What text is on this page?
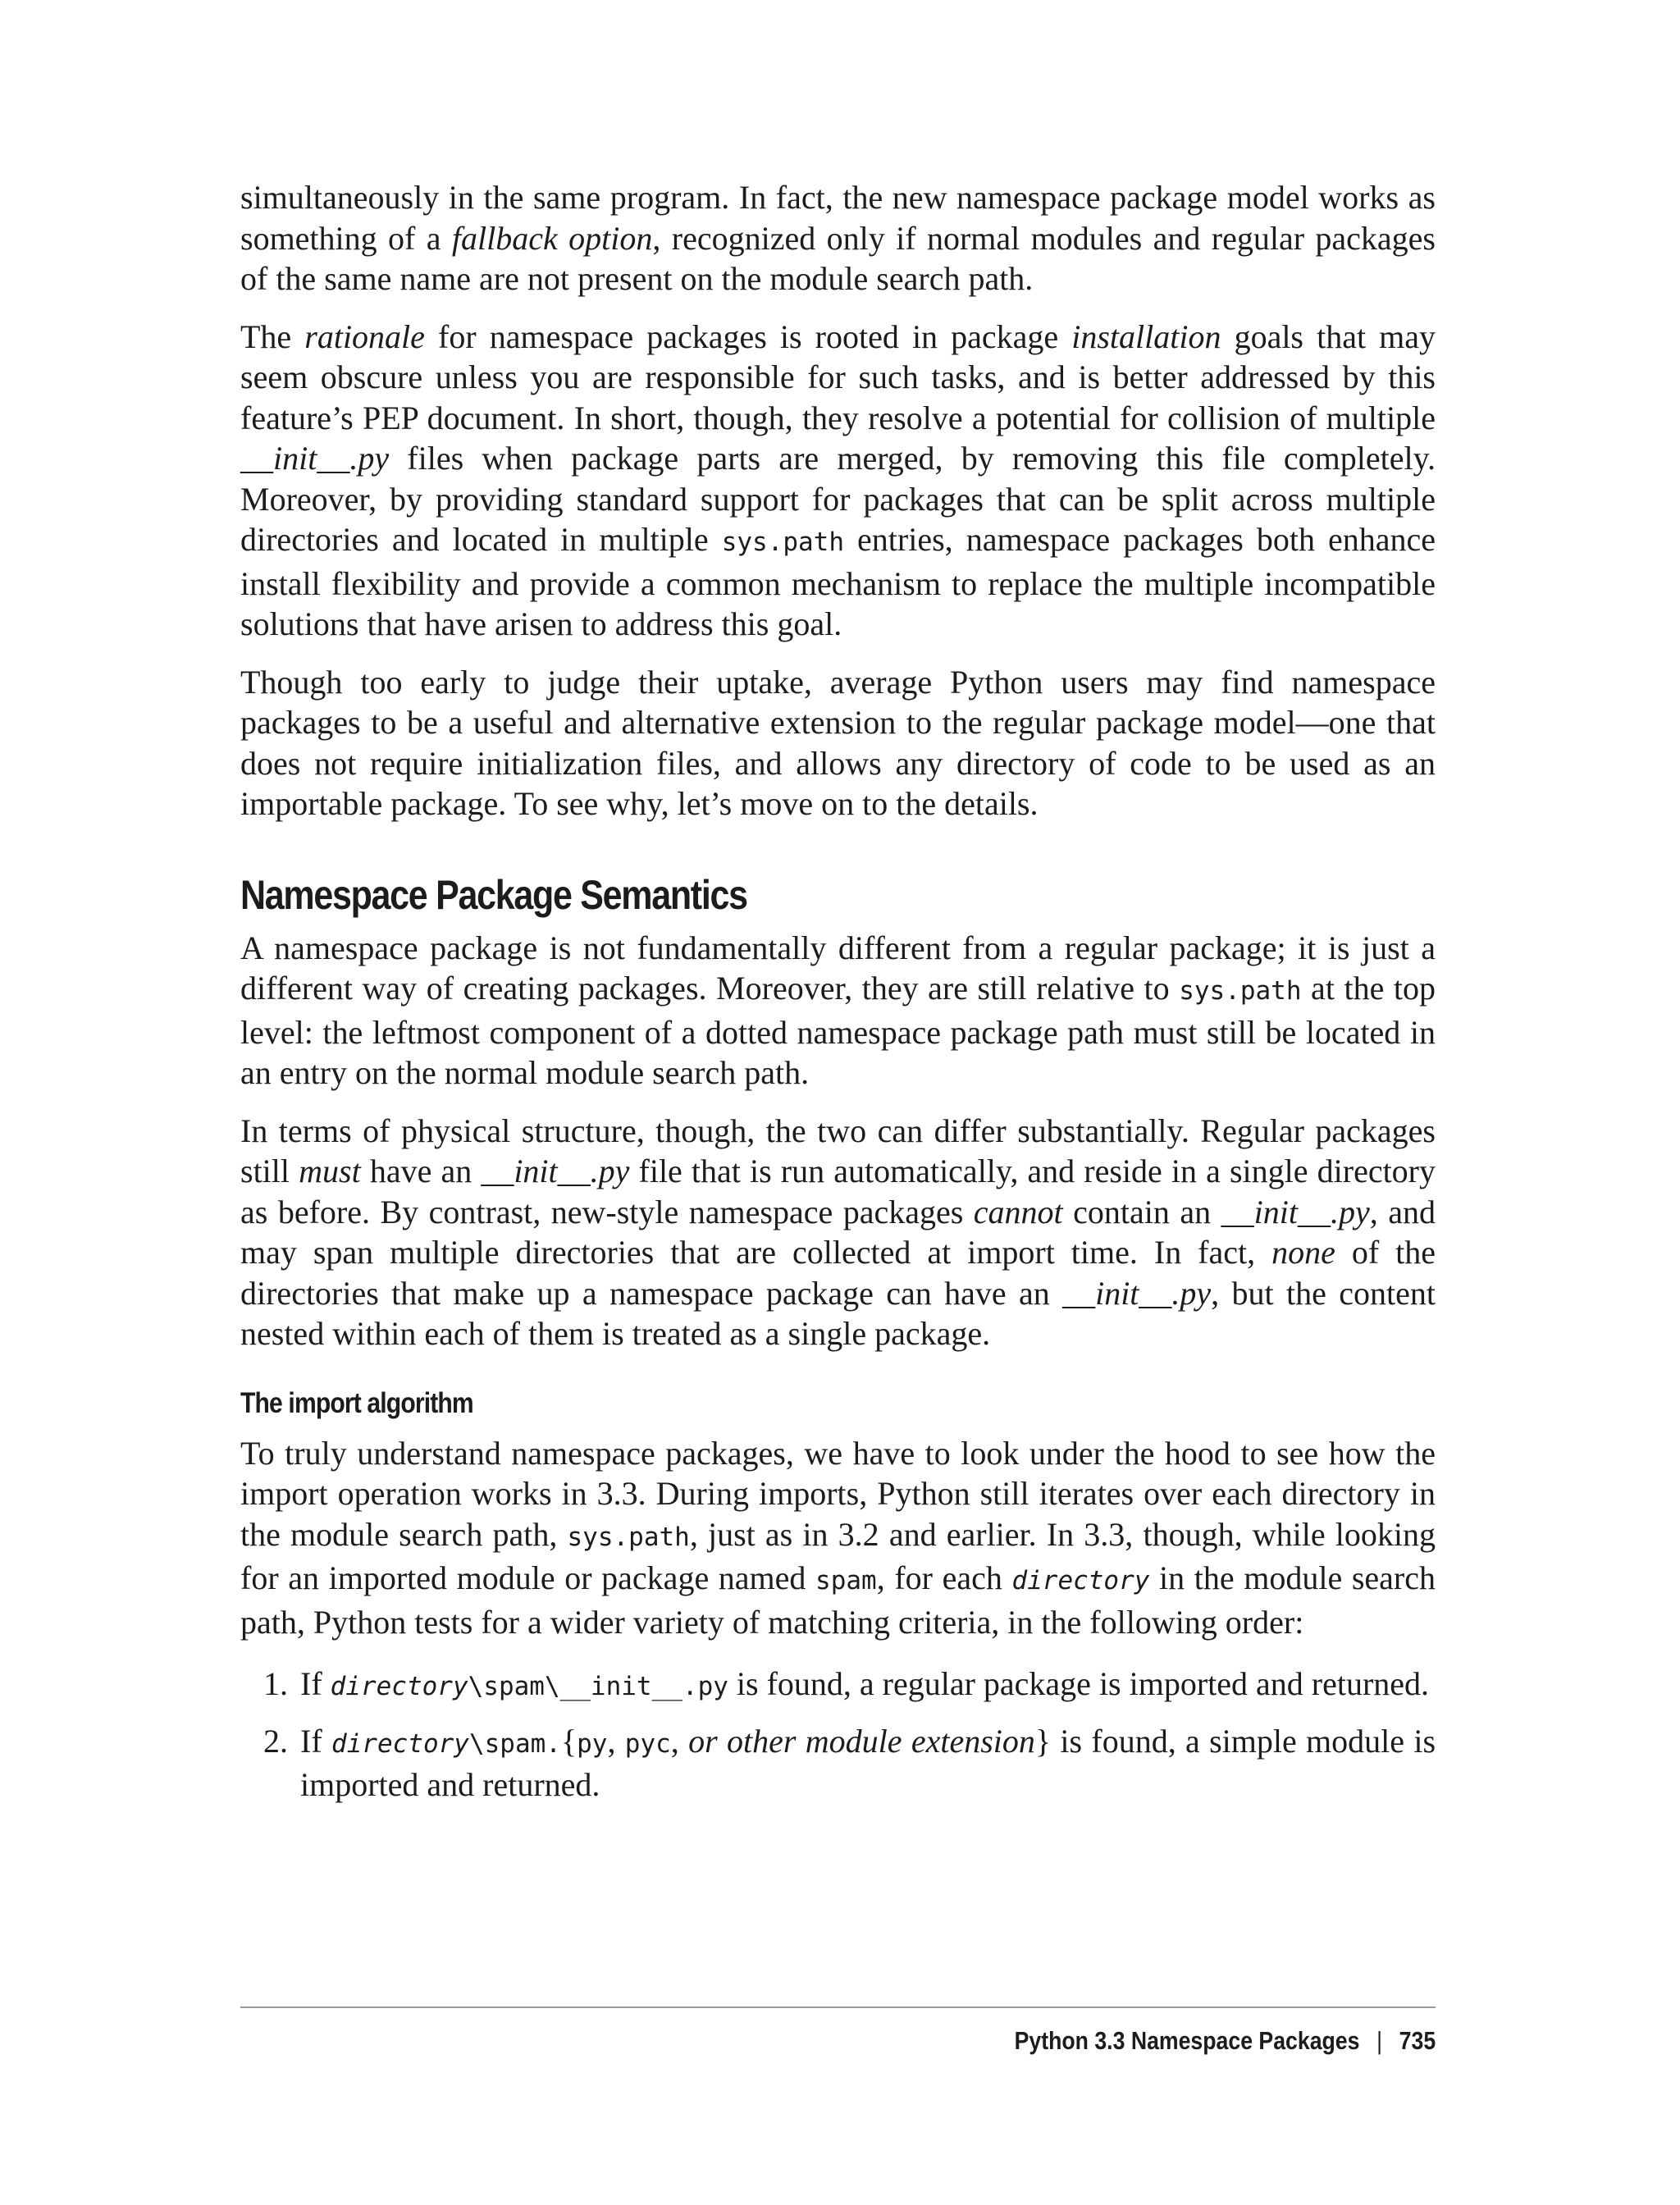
simultaneously in the same program. In fact, the new namespace package model works as something of a fallback option, recognized only if normal modules and regular packages of the same name are not present on the module search path.

The rationale for namespace packages is rooted in package installation goals that may seem obscure unless you are responsible for such tasks, and is better addressed by this feature’s PEP document. In short, though, they resolve a potential for collision of multiple __init__.py files when package parts are merged, by removing this file completely. Moreover, by providing standard support for packages that can be split across multiple directories and located in multiple sys.path entries, namespace packages both enhance install flexibility and provide a common mechanism to replace the multiple incompatible solutions that have arisen to address this goal.

Though too early to judge their uptake, average Python users may find namespace packages to be a useful and alternative extension to the regular package model—one that does not require initialization files, and allows any directory of code to be used as an importable package. To see why, let’s move on to the details.

Namespace Package Semantics

A namespace package is not fundamentally different from a regular package; it is just a different way of creating packages. Moreover, they are still relative to sys.path at the top level: the leftmost component of a dotted namespace package path must still be located in an entry on the normal module search path.

In terms of physical structure, though, the two can differ substantially. Regular packages still must have an __init__.py file that is run automatically, and reside in a single directory as before. By contrast, new-style namespace packages cannot contain an __init__.py, and may span multiple directories that are collected at import time. In fact, none of the directories that make up a namespace package can have an __init__.py, but the content nested within each of them is treated as a single package.

The import algorithm

To truly understand namespace packages, we have to look under the hood to see how the import operation works in 3.3. During imports, Python still iterates over each directory in the module search path, sys.path, just as in 3.2 and earlier. In 3.3, though, while looking for an imported module or package named spam, for each directory in the module search path, Python tests for a wider variety of matching criteria, in the following order:

1. If directory\spam\__init__.py is found, a regular package is imported and returned.
2. If directory\spam.{py, pyc, or other module extension} is found, a simple module is imported and returned.
Python 3.3 Namespace Packages | 735
